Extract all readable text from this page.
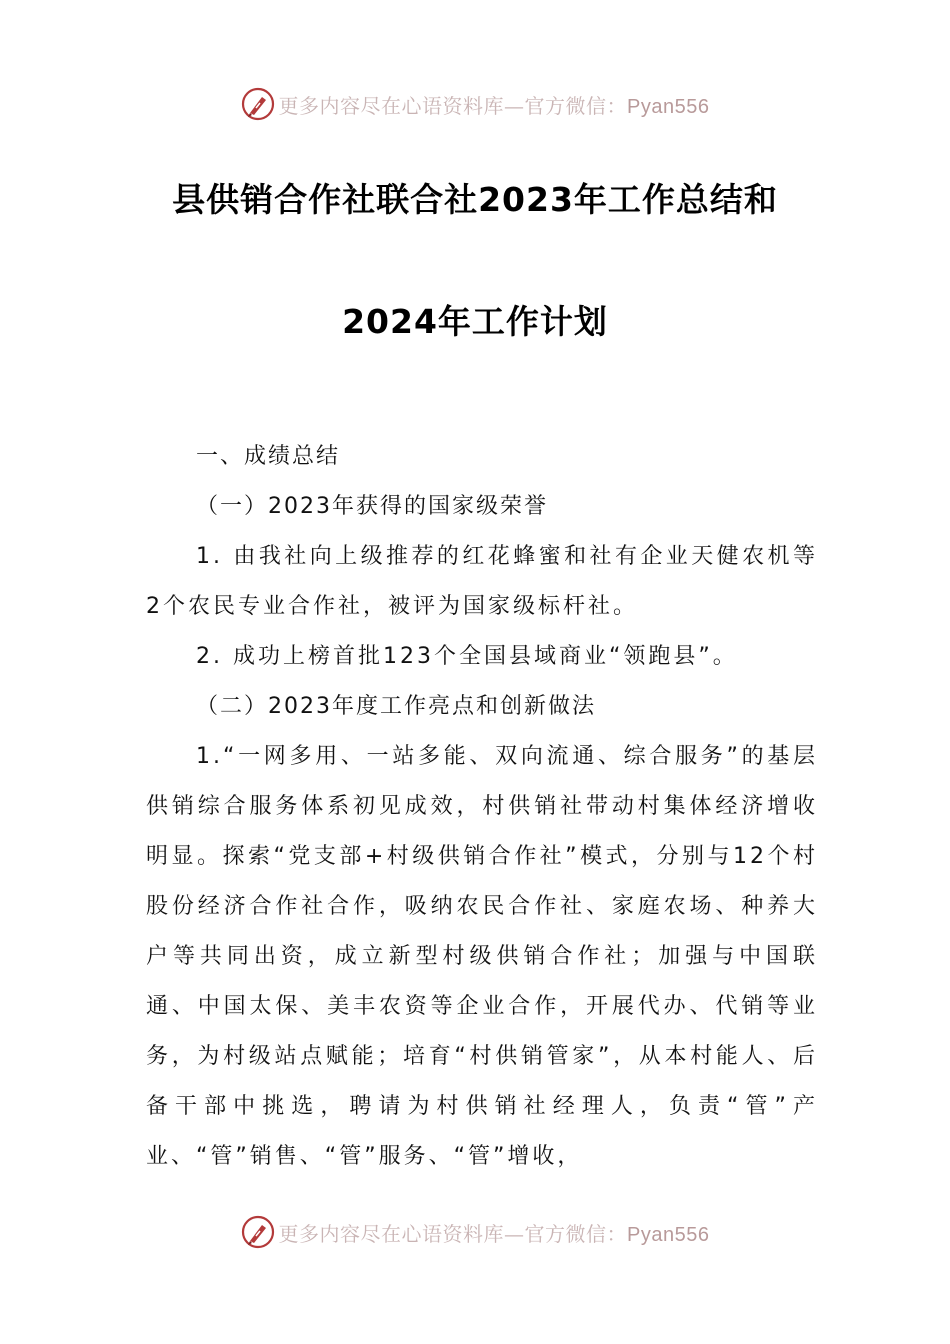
更多内容尽在心语资料库—官方微信：Pyan556
县供销合作社联合社2023年工作总结和
2024年工作计划

一、成绩总结

（一）2023年获得的国家级荣誉

1. 由我社向上级推荐的红花蜂蜜和社有企业天健农机等2个农民专业合作社，被评为国家级标杆社。

2. 成功上榜首批123个全国县域商业“领跑县”。

（二）2023年度工作亮点和创新做法

1.“一网多用、一站多能、双向流通、综合服务”的基层供销综合服务体系初见成效，村供销社带动村集体经济增收明显。探索“党支部+村级供销合作社”模式，分别与12个村股份经济合作社合作，吸纳农民合作社、家庭农场、种养大户等共同出资，成立新型村级供销合作社；加强与中国联通、中国太保、美丰农资等企业合作，开展代办、代销等业务，为村级站点赋能；培育“村供销管家”，从本村能人、后备干部中挑选，聘请为村供销社经理人，负责“管”产业、“管”销售、“管”服务、“管”增收，

更多内容尽在心语资料库—官方微信：Pyan556
